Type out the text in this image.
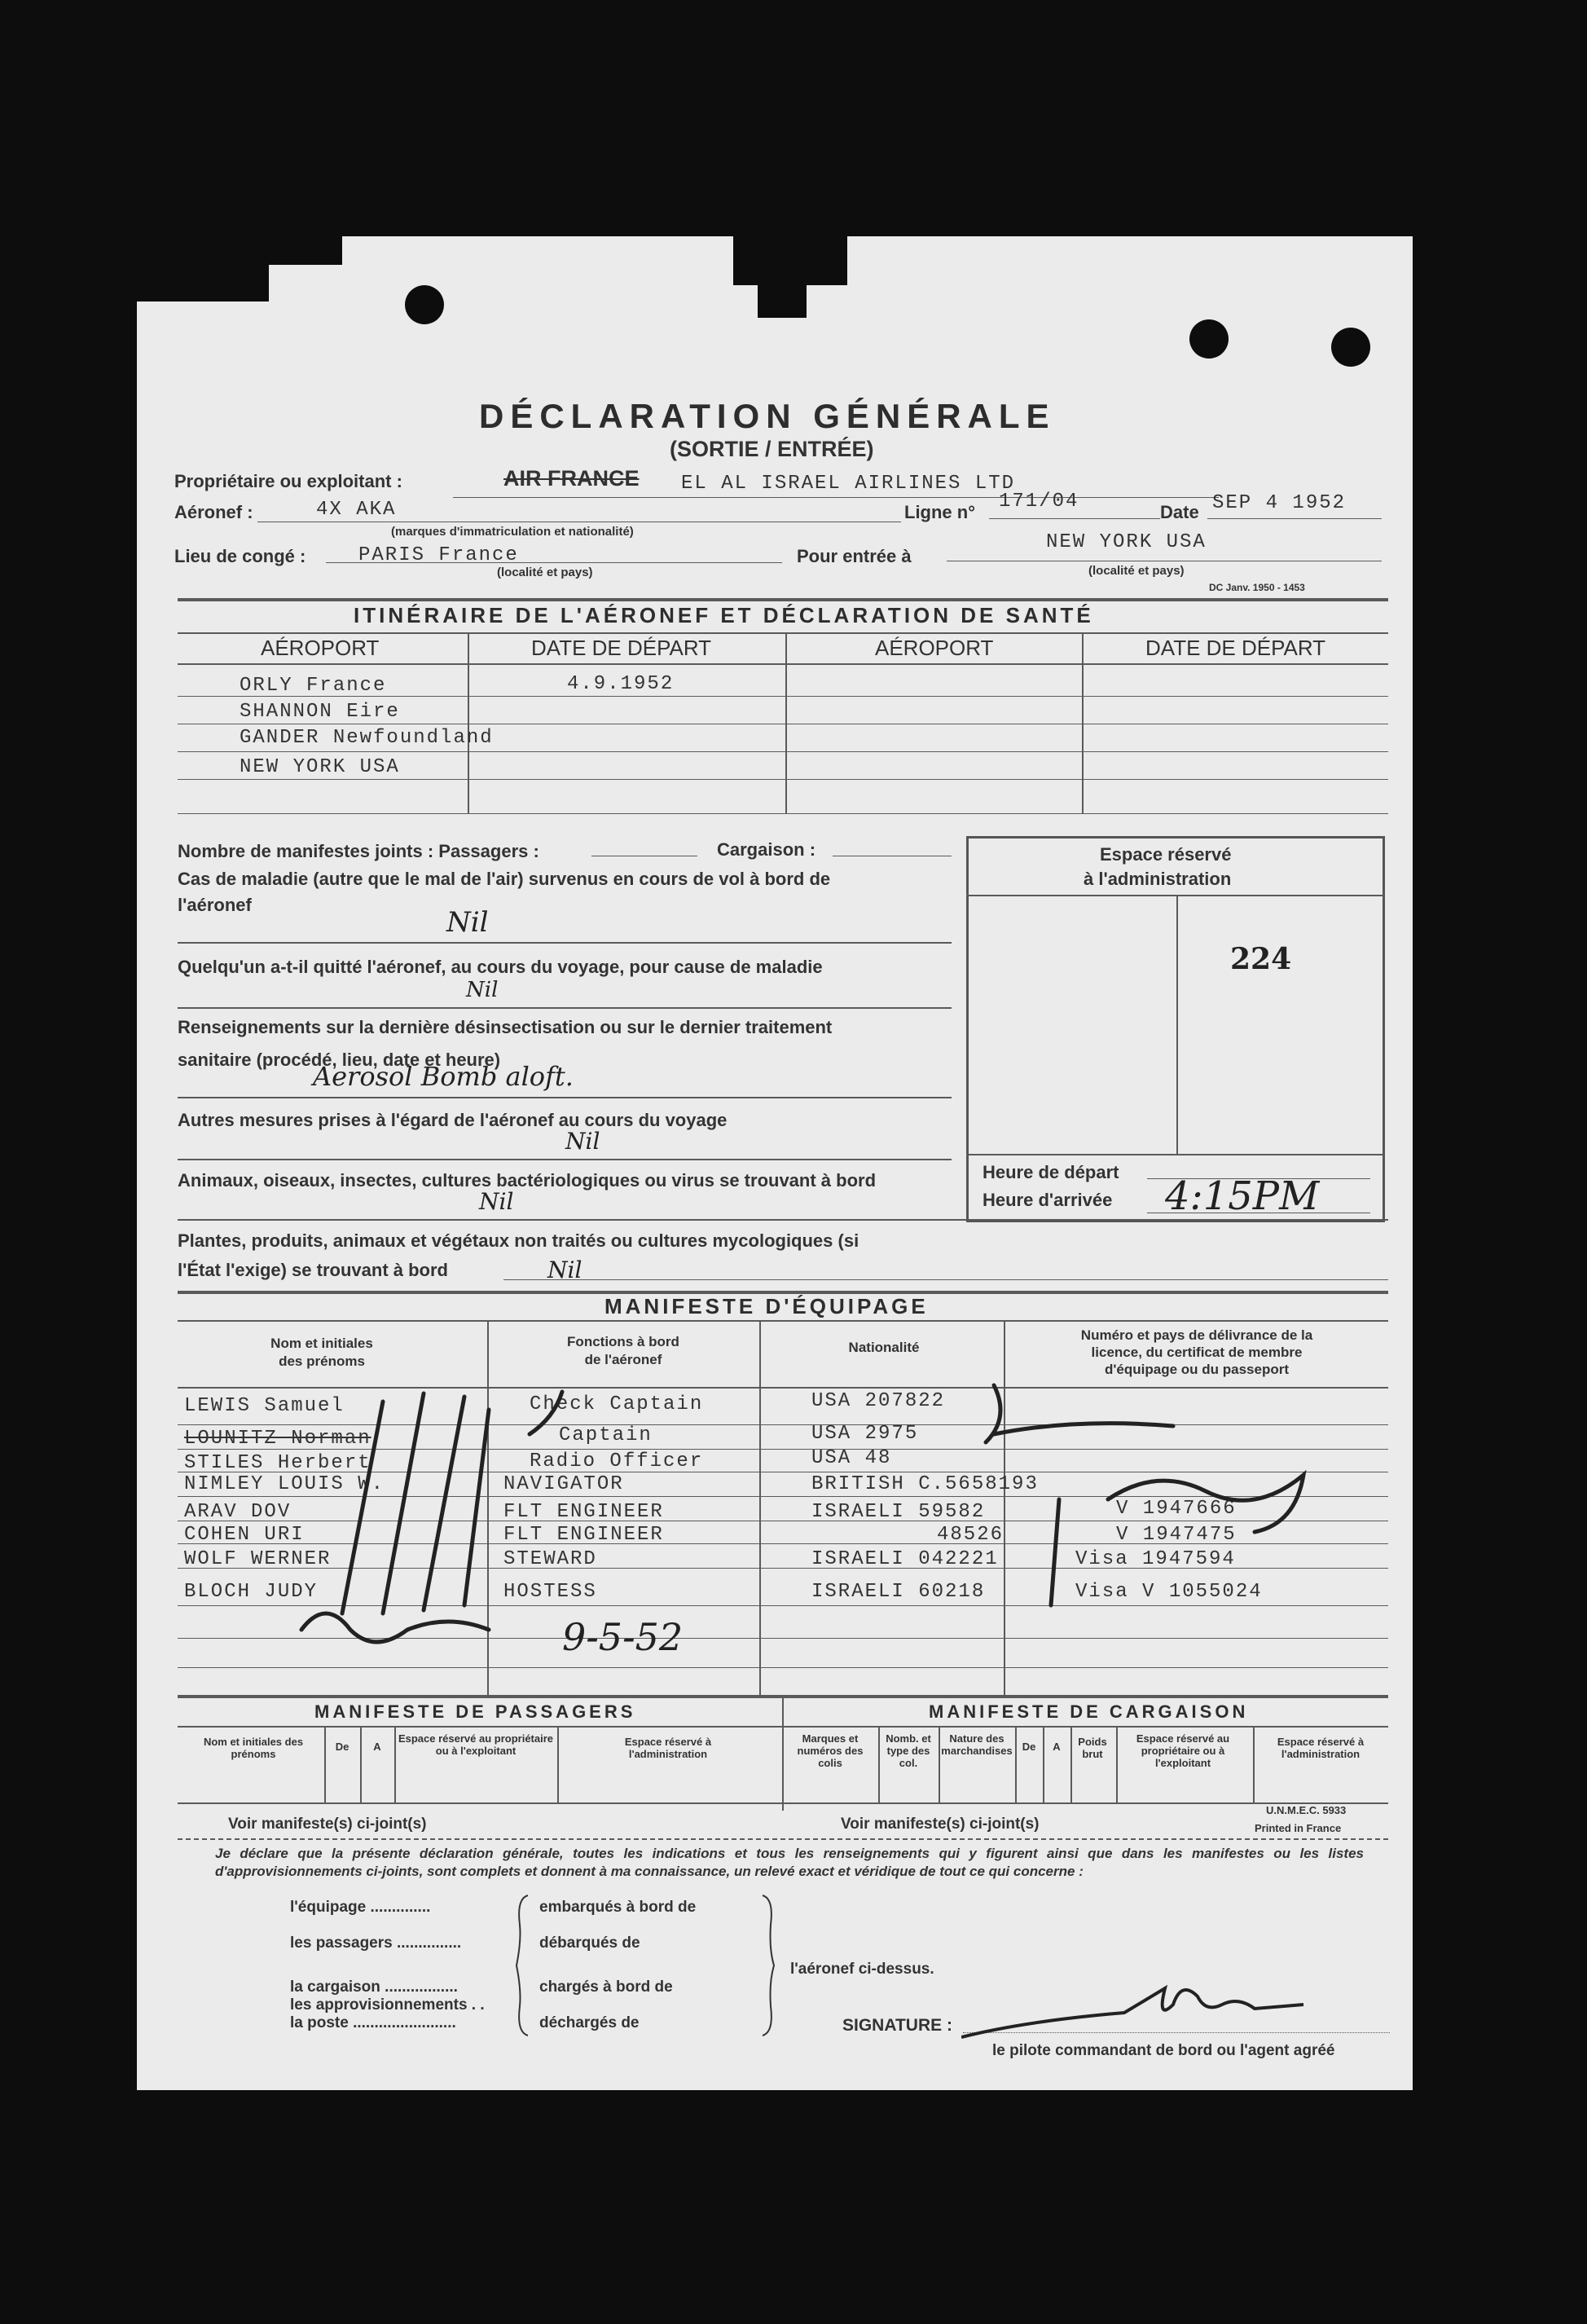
DÉCLARATION GÉNÉRALE
(SORTIE / ENTRÉE)
Propriétaire ou exploitant :	AIR FRANCE EL AL ISRAEL AIRLINES LTD
Aéronef :	4X AKA
(marques d'immatriculation et nationalité)
Ligne n° 171/04	Date SEP 4 1952
Lieu de congé :	PARIS France
(localité et pays)
Pour entrée à
NEW YORK USA
(localité et pays)
DC Janv. 1950 - 1453
ITINÉRAIRE DE L'AÉRONEF ET DÉCLARATION DE SANTÉ
AÉROPORT	DATE DE DÉPART	AÉROPORT	DATE DE DÉPART
ORLY France	4.9.1952
SHANNON Eire
GANDER Newfoundland
NEW YORK USA
Nombre de manifestes joints : Passagers :	Cargaison :
Cas de maladie (autre que le mal de l'air) survenus en cours de vol à bord de
l'aéronef
Nil
Quelqu'un a-t-il quitté l'aéronef, au cours du voyage, pour cause de maladie
Nil
Renseignements sur la dernière désinsectisation ou sur le dernier traitement
sanitaire (procédé, lieu, date et heure)
Aerosol Bomb aloft.
Autres mesures prises à l'égard de l'aéronef au cours du voyage
Nil
Animaux, oiseaux, insectes, cultures bactériologiques ou virus se trouvant à bord
Nil
Plantes, produits, animaux et végétaux non traités ou cultures mycologiques (si
l'État l'exige) se trouvant à bord	Nil
Espace réservé
à l'administration
224
Heure de départ
Heure d'arrivée 4:15PM
MANIFESTE D'ÉQUIPAGE
Nom et initiales
des prénoms
Fonctions à bord
de l'aéronef
Nationalité
Numéro et pays de délivrance de la
licence, du certificat de membre
d'équipage ou du passeport
LEWIS Samuel	Check Captain	USA 207822
LOUNITZ Norman	Captain	USA 2975
STILES Herbert	Radio Officer	USA 48
NIMLEY LOUIS W.	NAVIGATOR	BRITISH C.5658193
ARAV DOV	FLT ENGINEER	ISRAELI 59582	V 1947666
COHEN URI	FLT ENGINEER	48526	V 1947475
WOLF WERNER	STEWARD	ISRAELI 042221	Visa 1947594
BLOCH JUDY	HOSTESS	ISRAELI 60218	Visa V 1055024
9-5-52
MANIFESTE DE PASSAGERS	MANIFESTE DE CARGAISON
Nom et initiales des prénoms
De	A
Espace réservé au propriétaire ou à l'exploitant
Espace réservé à l'administration
Marques et numéros des colis
Nomb. et type des col.
Nature des marchandises De	A	Poids brut
Espace réservé au propriétaire ou à l'exploitant
Espace réservé à l'administration
Voir manifeste(s) ci-joint(s)	Voir manifeste(s) ci-joint(s)
U.N.M.E.C. 5933
Printed in France
Je déclare que la présente déclaration générale, toutes les indications et tous les renseignements qui y figurent ainsi que dans les manifestes ou les listes d'approvisionnements ci-joints, sont complets et donnent à ma connaissance, un relevé exact et véridique de tout ce qui concerne :
l'équipage ..............
les passagers ...............
la cargaison .................
les approvisionnements . .
la poste ........................
embarqués à bord de
débarqués de
chargés à bord de
déchargés de
l'aéronef ci-dessus.
SIGNATURE :
le pilote commandant de bord ou l'agent agréé
